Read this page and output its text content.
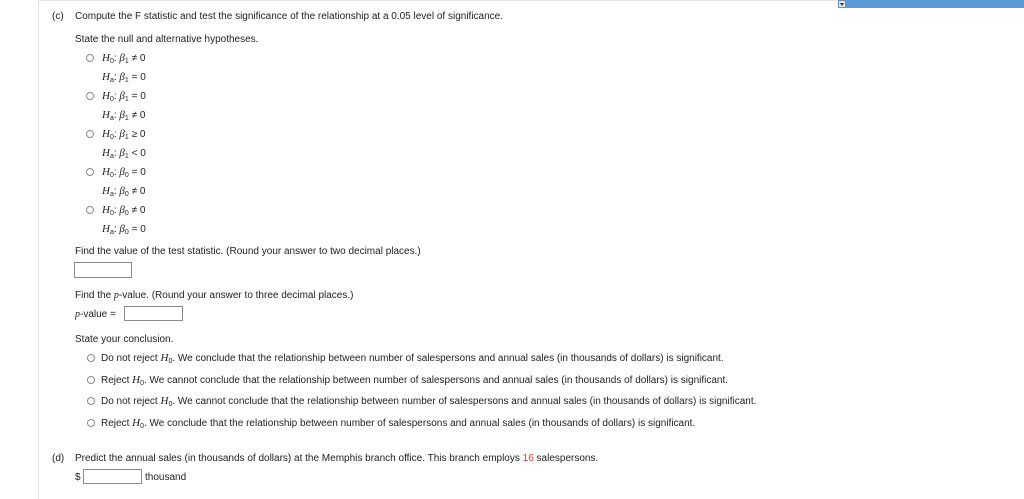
(c) Compute the F statistic and test the significance of the relationship at a 0.05 level of significance.
State the null and alternative hypotheses.
$H_0$: $\beta_1 \ne 0$
$H_a$: $\beta_1 = 0$
$H_0$: $\beta_1 = 0$
$H_a$: $\beta_1 \ne 0$
$H_0$: $\beta_1 \ge 0$
$H_a$: $\beta_1 < 0$
$H_0$: $\beta_0 = 0$
$H_a$: $\beta_0 \ne 0$
$H_0$: $\beta_0 \ne 0$
$H_a$: $\beta_0 = 0$
Find the value of the test statistic. (Round your answer to two decimal places.)
Find the p-value. (Round your answer to three decimal places.)
p-value =
State your conclusion.
Do not reject $H_0$. We conclude that the relationship between number of salespersons and annual sales (in thousands of dollars) is significant.
Reject $H_0$. We cannot conclude that the relationship between number of salespersons and annual sales (in thousands of dollars) is significant.
Do not reject $H_0$. We cannot conclude that the relationship between number of salespersons and annual sales (in thousands of dollars) is significant.
Reject $H_0$. We conclude that the relationship between number of salespersons and annual sales (in thousands of dollars) is significant.
(d) Predict the annual sales (in thousands of dollars) at the Memphis branch office. This branch employs 16 salespersons.
$	thousand
